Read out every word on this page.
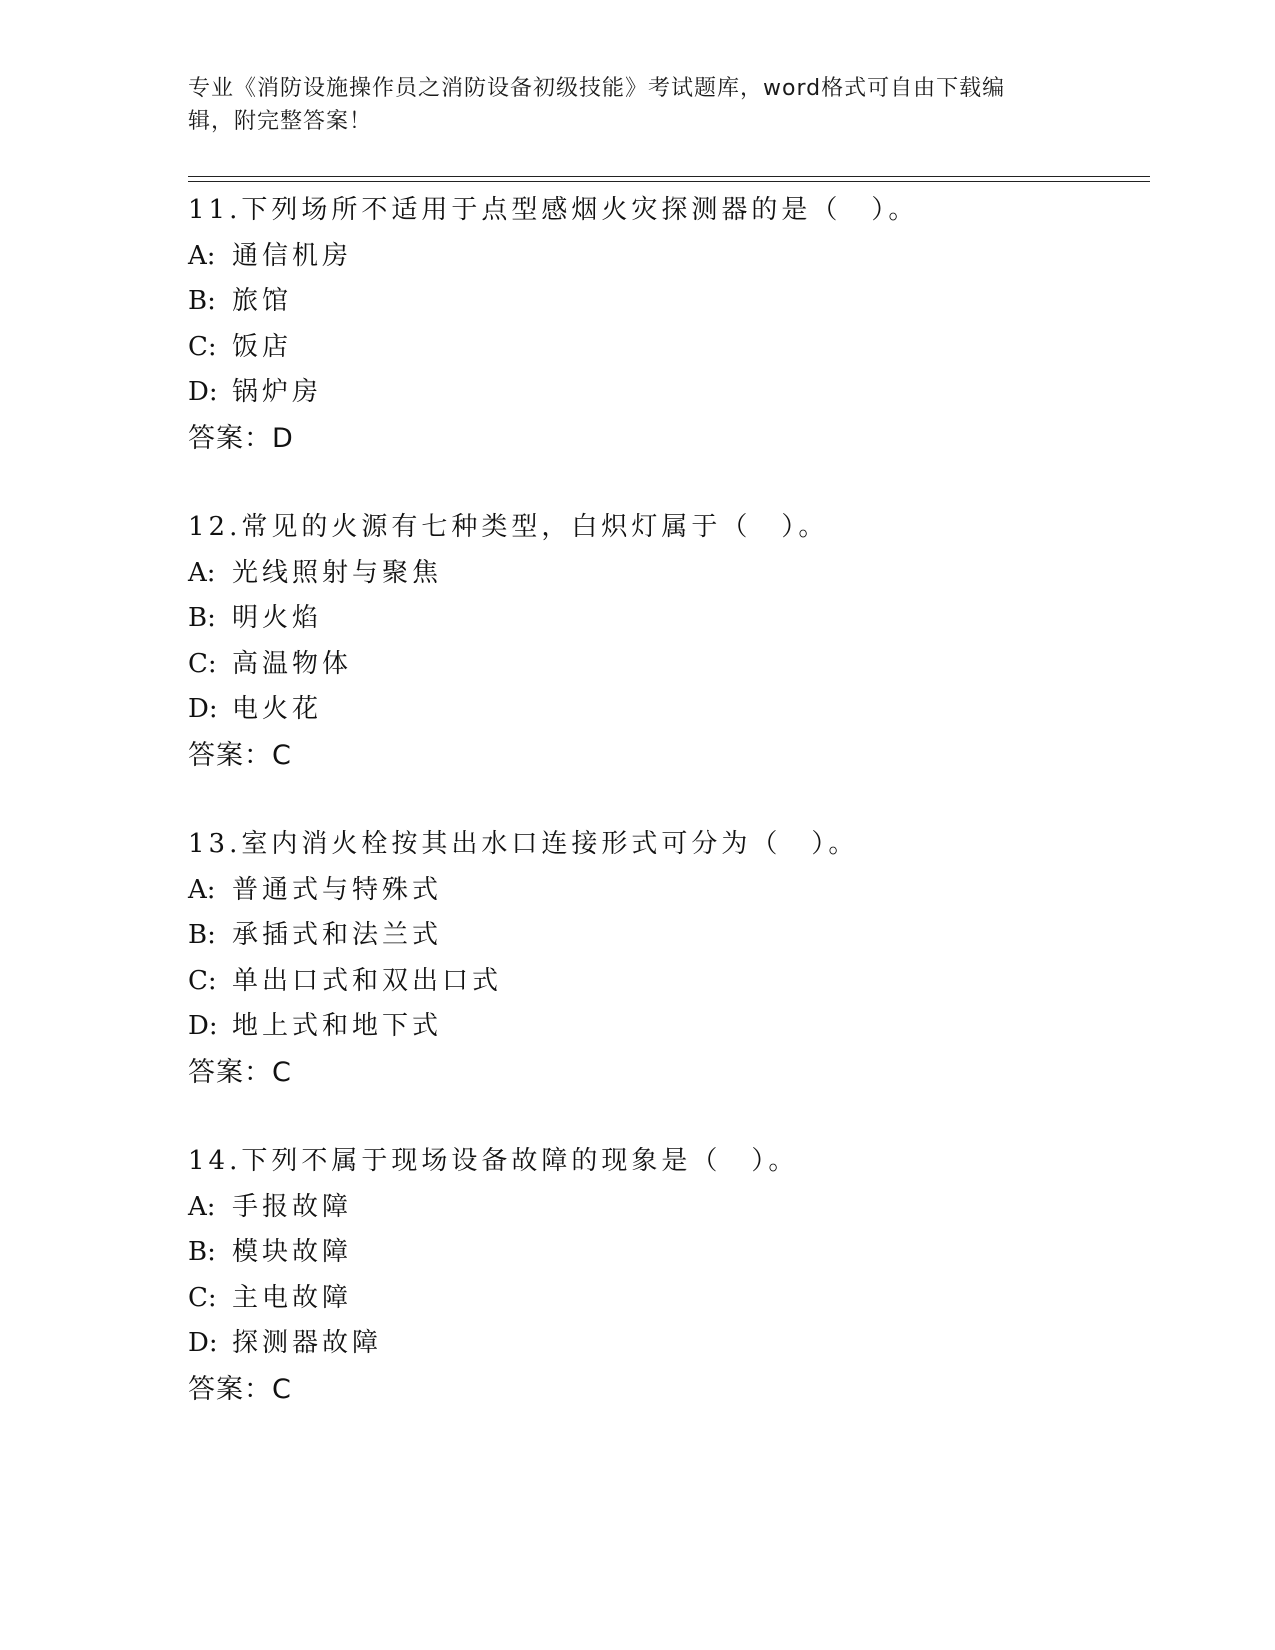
专业《消防设施操作员之消防设备初级技能》考试题库，word格式可自由下载编
辑，附完整答案！
11.下列场所不适用于点型感烟火灾探测器的是（　）。
A: 通信机房
B: 旅馆
C: 饭店
D: 锅炉房
答案：D
12.常见的火源有七种类型，白炽灯属于（　）。
A: 光线照射与聚焦
B: 明火焰
C: 高温物体
D: 电火花
答案：C
13.室内消火栓按其出水口连接形式可分为（　）。
A: 普通式与特殊式
B: 承插式和法兰式
C: 单出口式和双出口式
D: 地上式和地下式
答案：C
14.下列不属于现场设备故障的现象是（　）。
A: 手报故障
B: 模块故障
C: 主电故障
D: 探测器故障
答案：C
